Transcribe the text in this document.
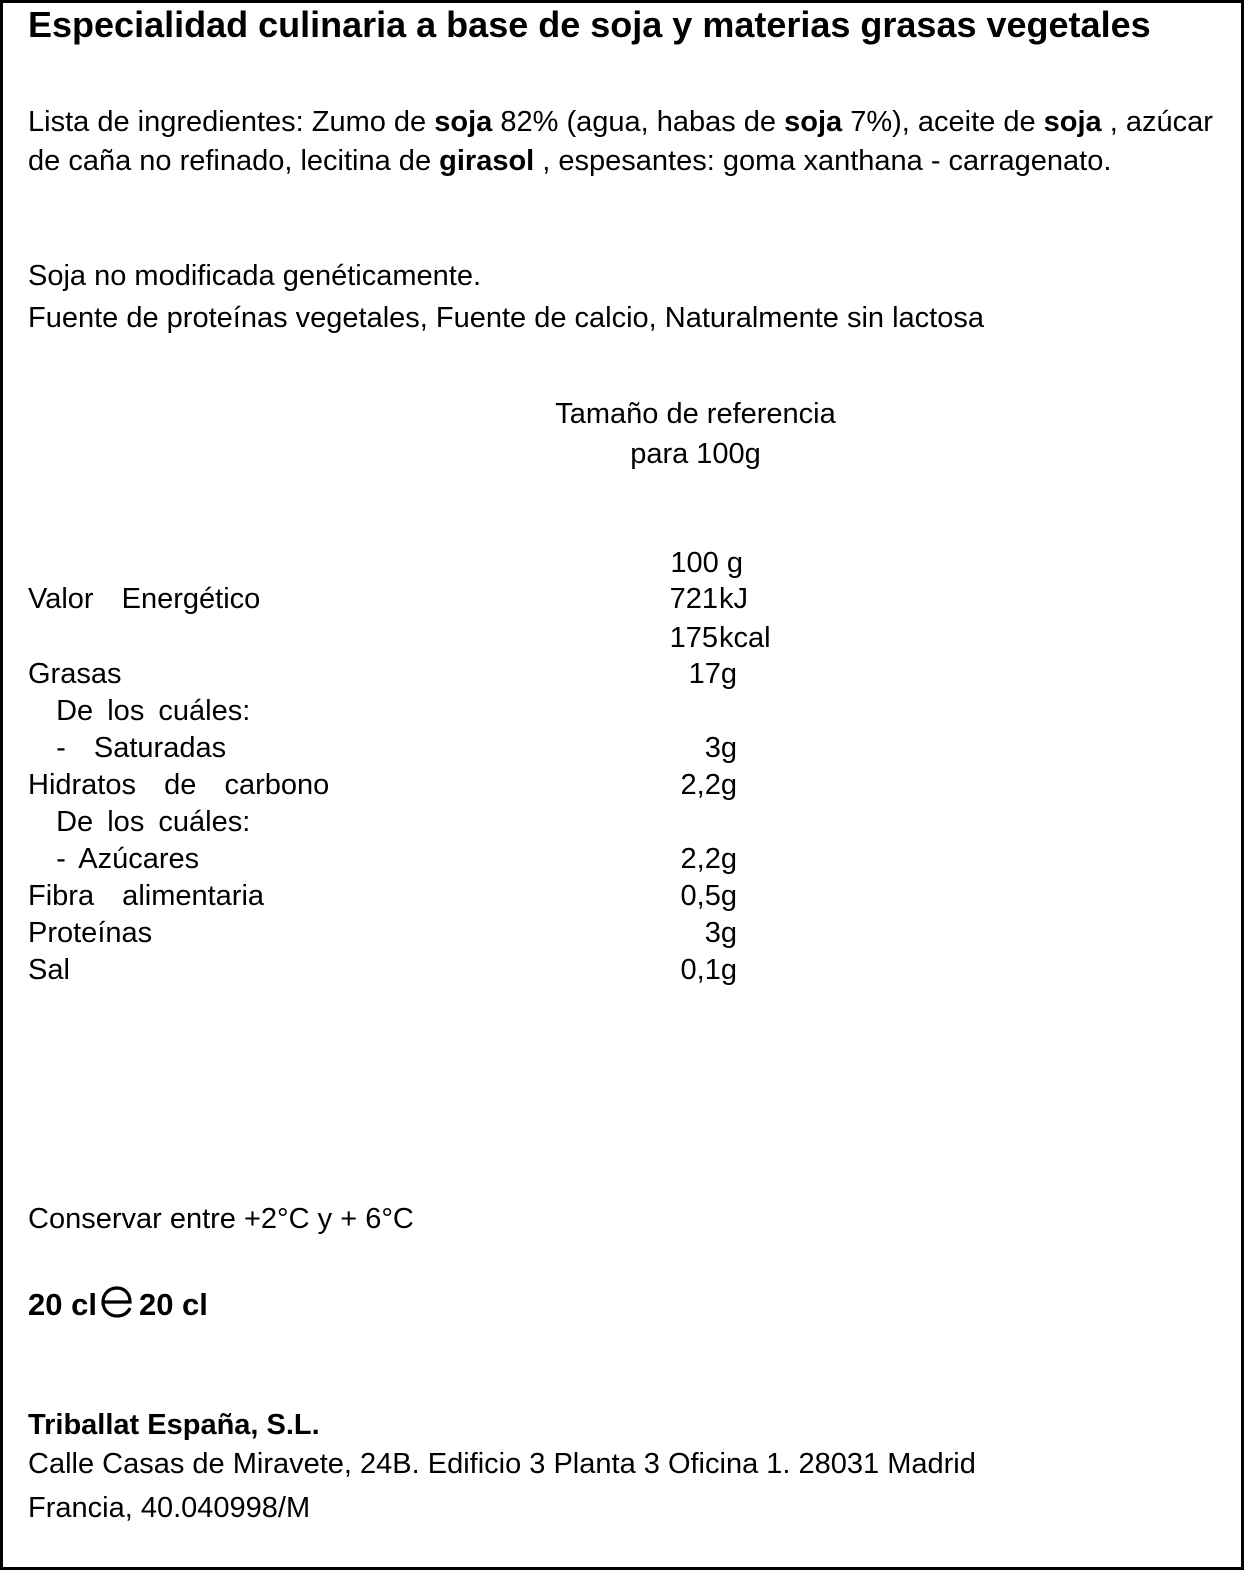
Especialidad culinaria a base de soja y materias grasas vegetales

Lista de ingredientes: Zumo de soja 82% (agua, habas de soja 7%), aceite de soja , azúcar de caña no refinado, lecitina de girasol , espesantes: goma xanthana - carragenato.

Soja no modificada genéticamente.
Fuente de proteínas vegetales, Fuente de calcio, Naturalmente sin lactosa
Tamaño de referencia
para 100g
100 g
Valor  Energético	721 kJ
175 kcal
Grasas	17g
De los cuáles:
-  Saturadas	3g
Hidratos  de  carbono	2,2g
De los cuáles:
- Azúcares	2,2g
Fibra  alimentaria	0,5g
Proteínas	3g
Sal	0,1g
Conservar entre +2°C y + 6°C
20 cl 20 cl
Triballat España, S.L.
Calle Casas de Miravete, 24B. Edificio 3 Planta 3 Oficina 1. 28031 Madrid
Francia, 40.040998/M
